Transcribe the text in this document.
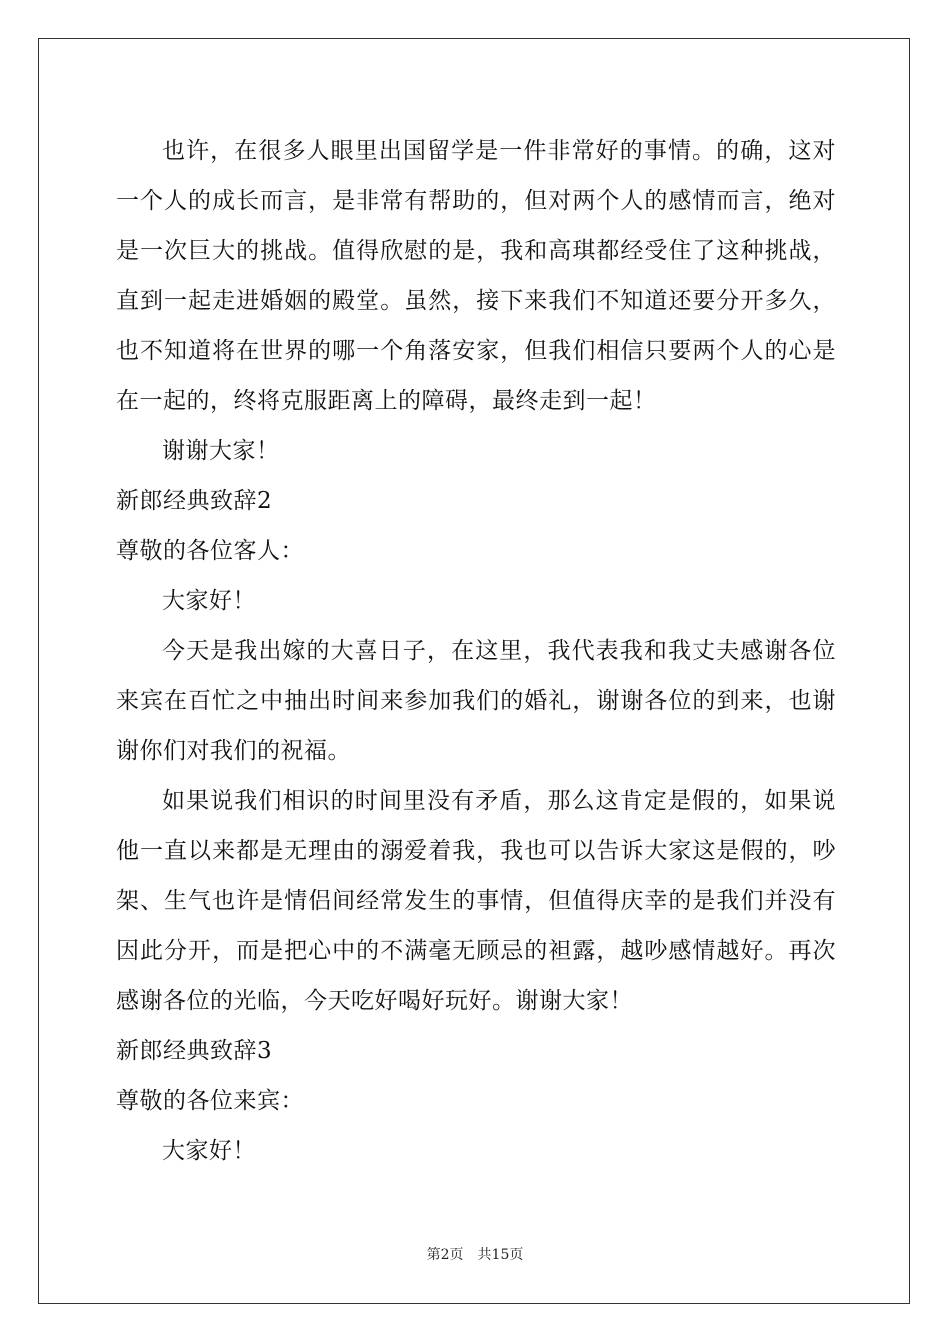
也许，在很多人眼里出国留学是一件非常好的事情。的确，这对一个人的成长而言，是非常有帮助的，但对两个人的感情而言，绝对是一次巨大的挑战。值得欣慰的是，我和高琪都经受住了这种挑战，直到一起走进婚姻的殿堂。虽然，接下来我们不知道还要分开多久，也不知道将在世界的哪一个角落安家，但我们相信只要两个人的心是在一起的，终将克服距离上的障碍，最终走到一起！

谢谢大家！

新郎经典致辞2

尊敬的各位客人：

大家好！

今天是我出嫁的大喜日子，在这里，我代表我和我丈夫感谢各位来宾在百忙之中抽出时间来参加我们的婚礼，谢谢各位的到来，也谢谢你们对我们的祝福。

如果说我们相识的时间里没有矛盾，那么这肯定是假的，如果说他一直以来都是无理由的溺爱着我，我也可以告诉大家这是假的，吵架、生气也许是情侣间经常发生的事情，但值得庆幸的是我们并没有因此分开，而是把心中的不满毫无顾忌的袒露，越吵感情越好。再次感谢各位的光临，今天吃好喝好玩好。谢谢大家！

新郎经典致辞3

尊敬的各位来宾：

大家好！

第2页 共15页
